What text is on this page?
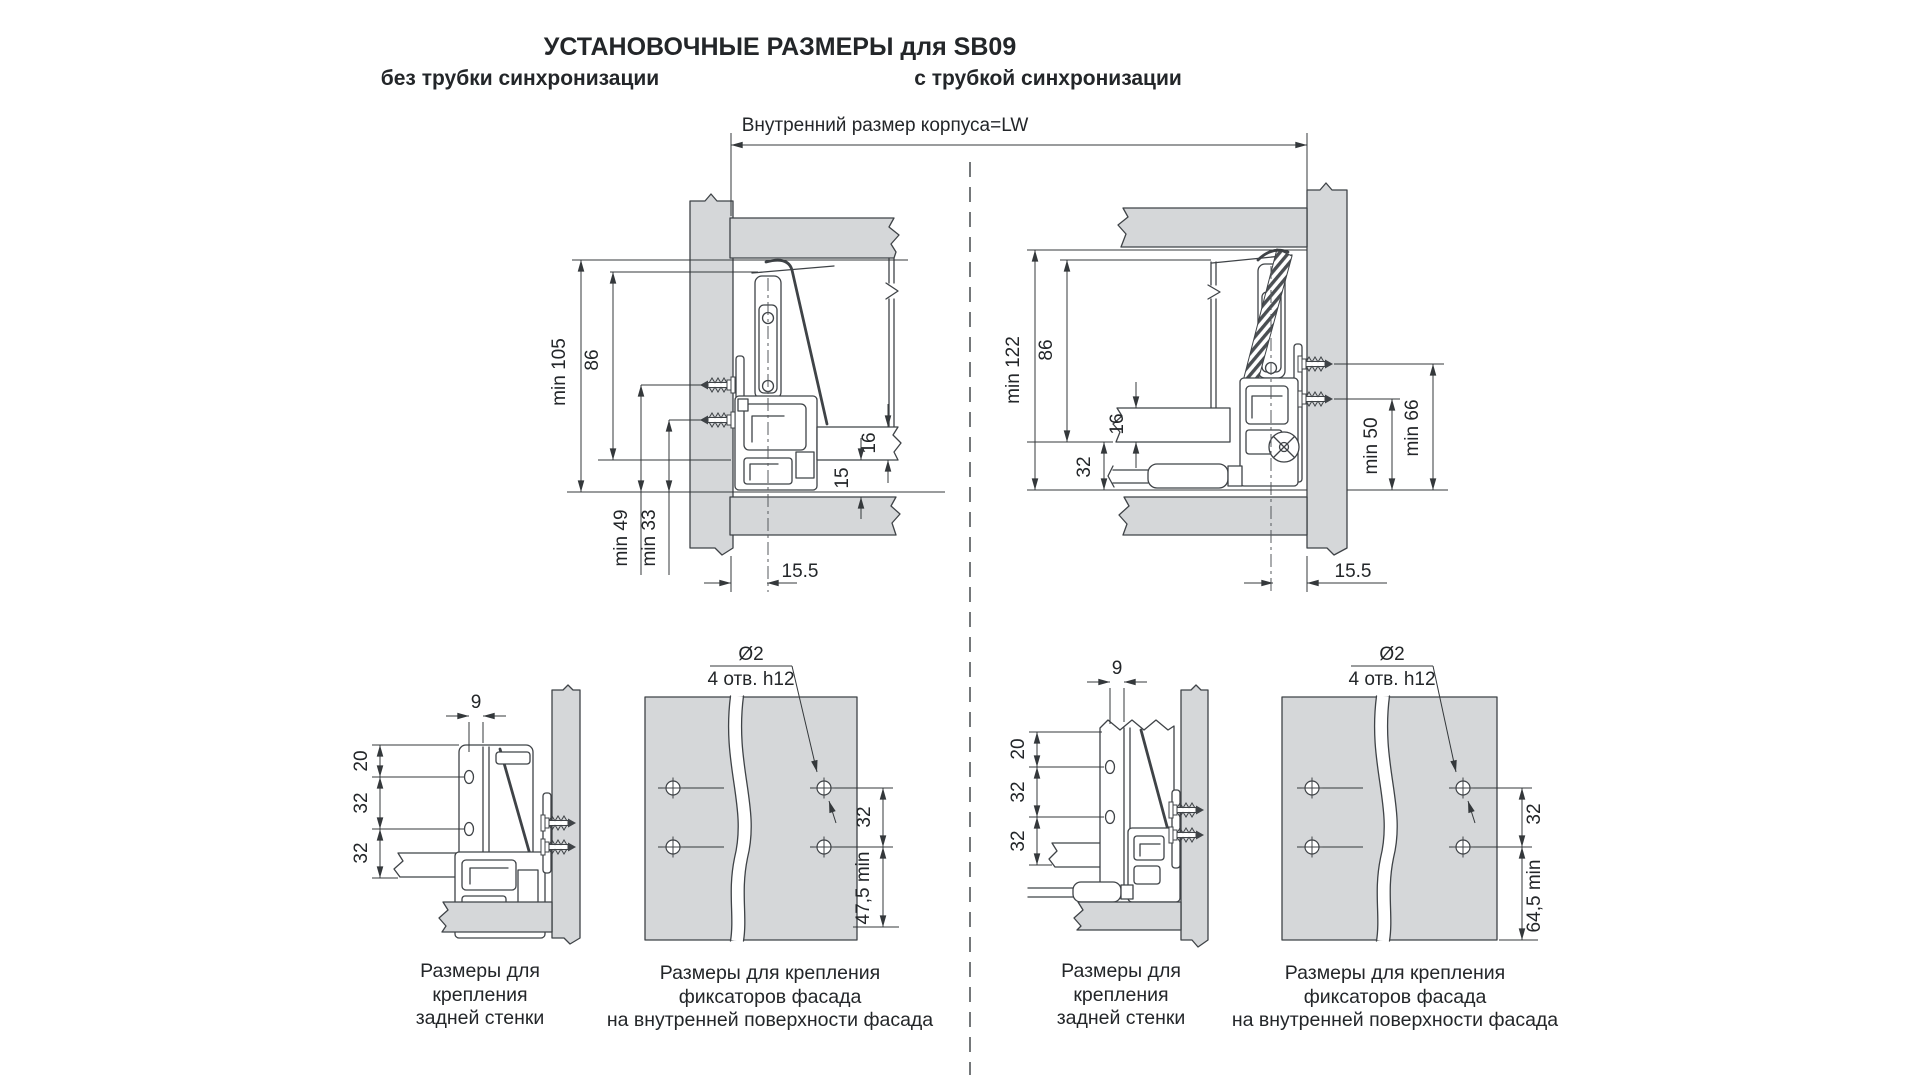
УСТАНОВОЧНЫЕ РАЗМЕРЫ для SB09
без трубки синхронизации	с трубкой синхронизации
Внутренний размер корпуса=LW
min 105 86
min 49 min 33
16
15
15.5
min 122 86
16
32
min 66
min 50
15.5
9
20
32
32
Ø2
4 отв. h12
32
47,5 min
9
20
32
32
Ø2
4 отв. h12
32
64,5 min
Размеры для
крепления
задней стенки
Размеры для крепления
фиксаторов фасада
на внутренней поверхности фасада
Размеры для
крепления
задней стенки
Размеры для крепления
фиксаторов фасада
на внутренней поверхности фасада
